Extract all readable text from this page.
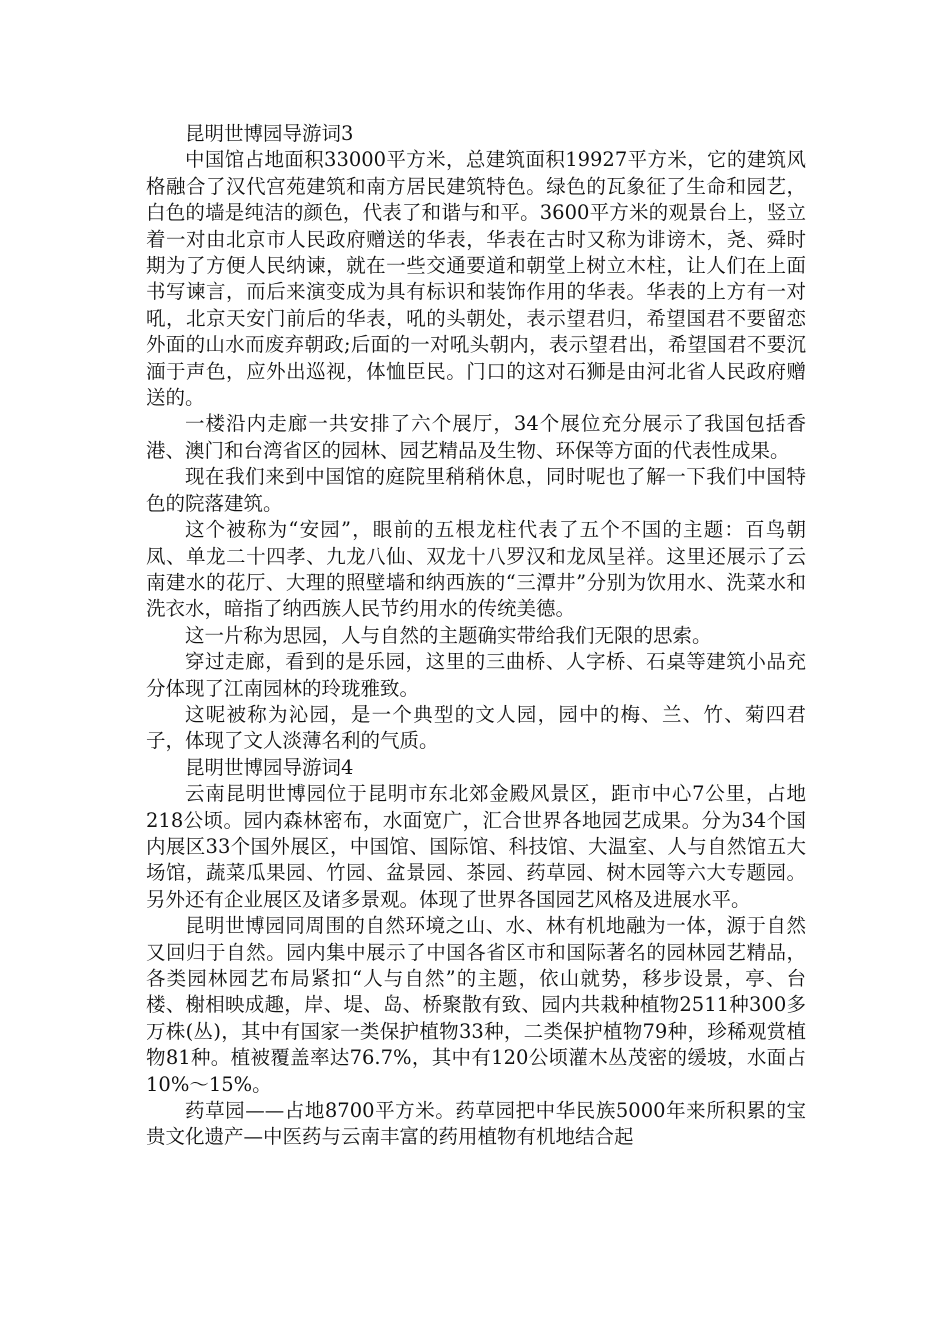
昆明世博园导游词3

中国馆占地面积33000平方米，总建筑面积19927平方米，它的建筑风格融合了汉代宫苑建筑和南方居民建筑特色。绿色的瓦象征了生命和园艺，白色的墙是纯洁的颜色，代表了和谐与和平。3600平方米的观景台上，竖立着一对由北京市人民政府赠送的华表，华表在古时又称为诽谤木，尧、舜时期为了方便人民纳谏，就在一些交通要道和朝堂上树立木柱，让人们在上面书写谏言，而后来演变成为具有标识和装饰作用的华表。华表的上方有一对吼，北京天安门前后的华表，吼的头朝处，表示望君归，希望国君不要留恋外面的山水而废弃朝政;后面的一对吼头朝内，表示望君出，希望国君不要沉湎于声色，应外出巡视，体恤臣民。门口的这对石狮是由河北省人民政府赠送的。

一楼沿内走廊一共安排了六个展厅，34个展位充分展示了我国包括香港、澳门和台湾省区的园林、园艺精品及生物、环保等方面的代表性成果。

现在我们来到中国馆的庭院里稍稍休息，同时呢也了解一下我们中国特色的院落建筑。

这个被称为“安园”，眼前的五根龙柱代表了五个不国的主题：百鸟朝凤、单龙二十四孝、九龙八仙、双龙十八罗汉和龙凤呈祥。这里还展示了云南建水的花厅、大理的照壁墙和纳西族的“三潭井”分别为饮用水、洗菜水和洗衣水，暗指了纳西族人民节约用水的传统美德。

这一片称为思园，人与自然的主题确实带给我们无限的思索。

穿过走廊，看到的是乐园，这里的三曲桥、人字桥、石桌等建筑小品充分体现了江南园林的玲珑雅致。

这呢被称为沁园，是一个典型的文人园，园中的梅、兰、竹、菊四君子，体现了文人淡薄名利的气质。

昆明世博园导游词4

云南昆明世博园位于昆明市东北郊金殿风景区，距市中心7公里，占地218公顷。园内森林密布，水面宽广，汇合世界各地园艺成果。分为34个国内展区33个国外展区，中国馆、国际馆、科技馆、大温室、人与自然馆五大场馆，蔬菜瓜果园、竹园、盆景园、茶园、药草园、树木园等六大专题园。另外还有企业展区及诸多景观。体现了世界各国园艺风格及进展水平。

昆明世博园同周围的自然环境之山、水、林有机地融为一体，源于自然又回归于自然。园内集中展示了中国各省区市和国际著名的园林园艺精品，各类园林园艺布局紧扣“人与自然”的主题，依山就势，移步设景，亭、台楼、榭相映成趣，岸、堤、岛、桥聚散有致、园内共栽种植物2511种300多万株(丛)，其中有国家一类保护植物33种，二类保护植物79种，珍稀观赏植物81种。植被覆盖率达76.7%，其中有120公顷灌木丛茂密的缓坡，水面占10%～15%。

药草园——占地8700平方米。药草园把中华民族5000年来所积累的宝贵文化遗产—中医药与云南丰富的药用植物有机地结合起
